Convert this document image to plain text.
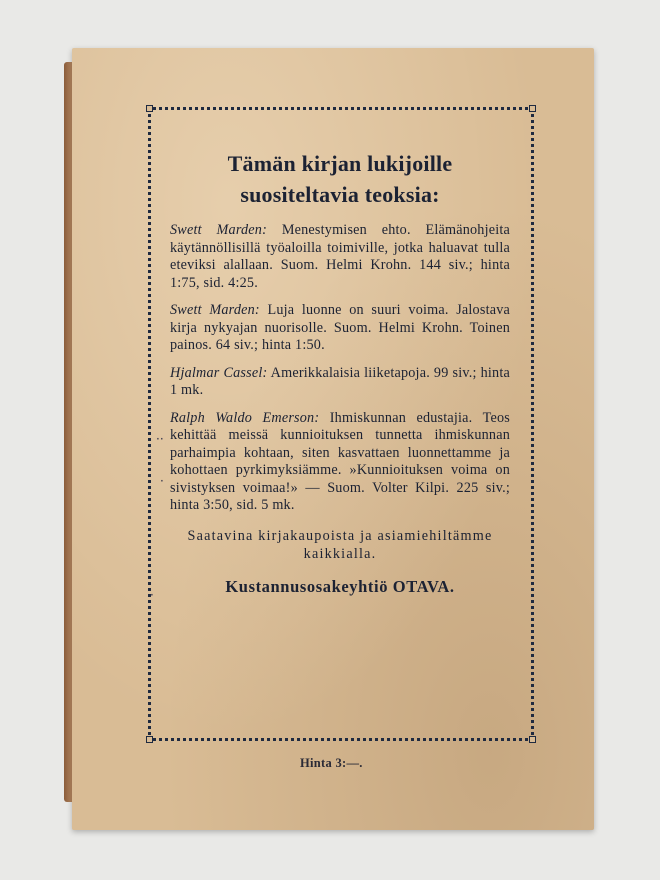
Tämän kirjan lukijoille suositeltavia teoksia:

Swett Marden: Menestymisen ehto. Elämänohjeita käytännöllisillä työaloilla toimiville, jotka haluavat tulla eteviksi alallaan. Suom. Helmi Krohn. 144 siv.; hinta 1:75, sid. 4:25.

Swett Marden: Luja luonne on suuri voima. Jalostava kirja nykyajan nuorisolle. Suom. Helmi Krohn. Toinen painos. 64 siv.; hinta 1:50.

Hjalmar Cassel: Amerikkalaisia liiketapoja. 99 siv.; hinta 1 mk.

Ralph Waldo Emerson: Ihmiskunnan edustajia. Teos kehittää meissä kunnioituksen tunnetta ihmiskunnan parhaimpia kohtaan, siten kasvattaen luonnettamme ja kohottaen pyrkimyksiämme. »Kunnioituksen voima on sivistyksen voimaa!» — Suom. Volter Kilpi. 225 siv.; hinta 3:50, sid. 5 mk.

Saatavina kirjakaupoista ja asiamiehiltämme kaikkialla.

Kustannusosakeyhtiö OTAVA.

··
·
·
Hinta 3:—.
